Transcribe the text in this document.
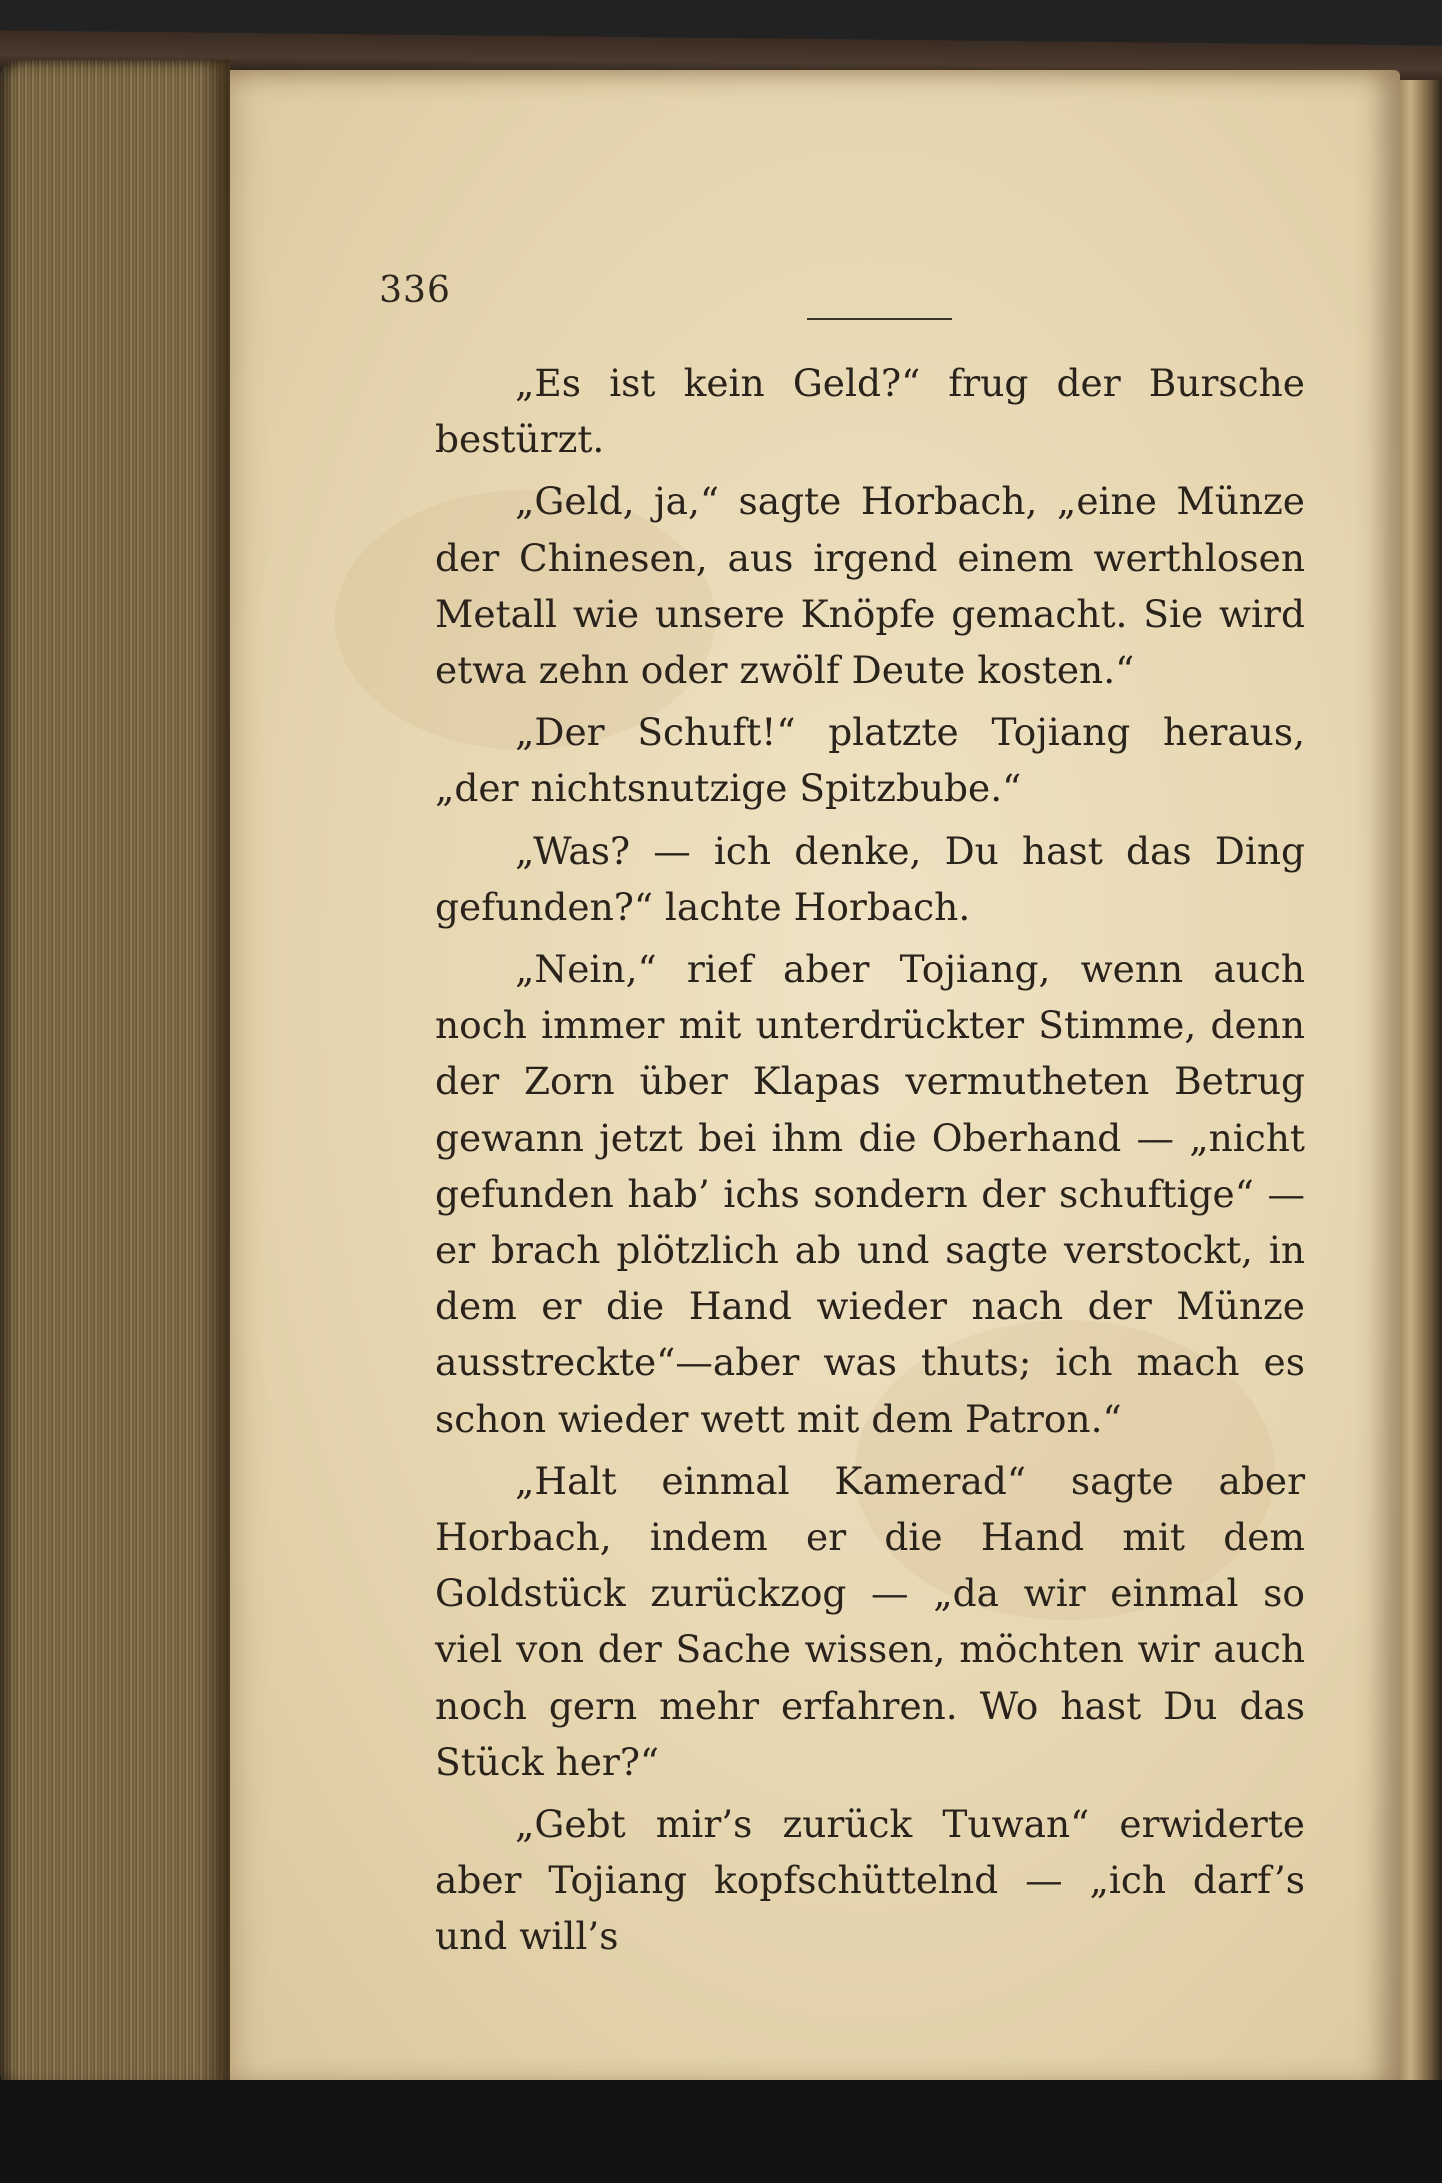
336

„Es ist kein Geld?“ frug der Bursche bestürzt.

„Geld, ja,“ sagte Horbach, „eine Münze der Chinesen, aus irgend einem werthlosen Metall wie unsere Knöpfe gemacht. Sie wird etwa zehn oder zwölf Deute kosten.“

„Der Schuft!“ platzte Tojiang heraus, „der nichtsnutzige Spitzbube.“

„Was? — ich denke, Du hast das Ding gefunden?“ lachte Horbach.

„Nein,“ rief aber Tojiang, wenn auch noch immer mit unterdrückter Stimme, denn der Zorn über Klapas vermutheten Betrug gewann jetzt bei ihm die Oberhand — „nicht gefunden hab’ ichs sondern der schuftige“ — er brach plötzlich ab und sagte verstockt, in dem er die Hand wieder nach der Münze ausstreckte“—aber was thuts; ich mach es schon wieder wett mit dem Patron.“

„Halt einmal Kamerad“ sagte aber Horbach, indem er die Hand mit dem Goldstück zurückzog — „da wir einmal so viel von der Sache wissen, möchten wir auch noch gern mehr erfahren. Wo hast Du das Stück her?“

„Gebt mir’s zurück Tuwan“ erwiderte aber Tojiang kopfschüttelnd — „ich darf’s und will’s
